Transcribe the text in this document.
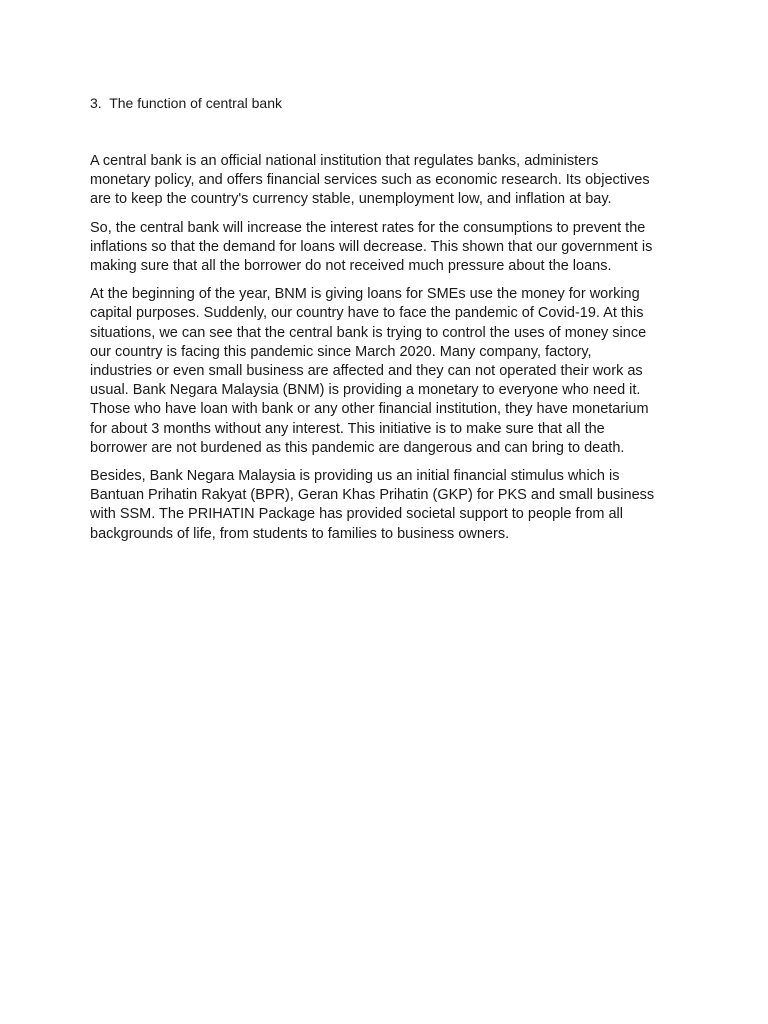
3.  The function of central bank

A central bank is an official national institution that regulates banks, administers
monetary policy, and offers financial services such as economic research. Its objectives
are to keep the country's currency stable, unemployment low, and inflation at bay.

So, the central bank will increase the interest rates for the consumptions to prevent the
inflations so that the demand for loans will decrease. This shown that our government is
making sure that all the borrower do not received much pressure about the loans.

At the beginning of the year, BNM is giving loans for SMEs use the money for working
capital purposes. Suddenly, our country have to face the pandemic of Covid-19. At this
situations, we can see that the central bank is trying to control the uses of money since
our country is facing this pandemic since March 2020. Many company, factory,
industries or even small business are affected and they can not operated their work as
usual. Bank Negara Malaysia (BNM) is providing a monetary to everyone who need it.
Those who have loan with bank or any other financial institution, they have monetarium
for about 3 months without any interest. This initiative is to make sure that all the
borrower are not burdened as this pandemic are dangerous and can bring to death.

Besides, Bank Negara Malaysia is providing us an initial financial stimulus which is
Bantuan Prihatin Rakyat (BPR), Geran Khas Prihatin (GKP) for PKS and small business
with SSM. The PRIHATIN Package has provided societal support to people from all
backgrounds of life, from students to families to business owners.
